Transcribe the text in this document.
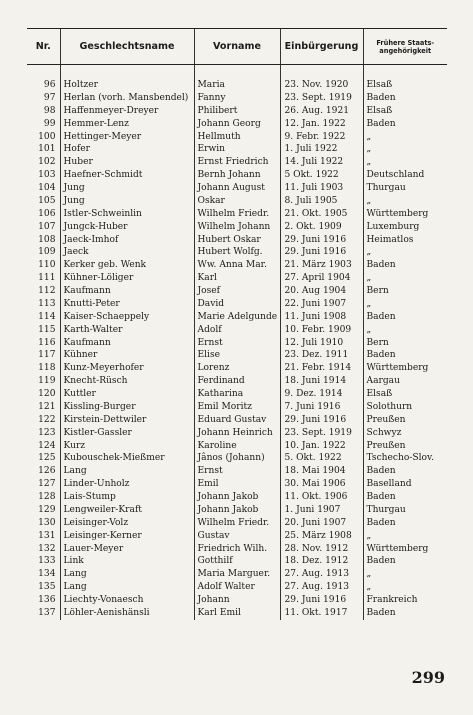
Nr.	Geschlechtsname	Vorname	Einbürgerung	Frühere Staats-
angehörigkeit

96	Holtzer	Maria	23. Nov. 1920	Elsaß
97	Herlan (vorh. Mansbendel)	Fanny	23. Sept. 1919	Baden
98	Haffenmeyer-Dreyer	Philibert	26. Aug. 1921	Elsaß
99	Hemmer-Lenz	Johann Georg	12. Jan. 1922	Baden
100	Hettinger-Meyer	Hellmuth	9. Febr. 1922	„
101	Hofer	Erwin	1. Juli 1922	„
102	Huber	Ernst Friedrich	14. Juli 1922	„
103	Haefner-Schmidt	Bernh Johann	5 Okt. 1922	Deutschland
104	Jung	Johann August	11. Juli 1903	Thurgau
105	Jung	Oskar	8. Juli 1905	„
106	Istler-Schweinlin	Wilhelm Friedr.	21. Okt. 1905	Württemberg
107	Jungck-Huber	Wilhelm Johann	2. Okt. 1909	Luxemburg
108	Jaeck-Imhof	Hubert Oskar	29. Juni 1916	Heimatlos
109	Jaeck	Hubert Wolfg.	29. Juni 1916	„
110	Kerker geb. Wenk	Ww. Anna Mar.	21. März 1903	Baden
111	Kühner-Löliger	Karl	27. April 1904	„
112	Kaufmann	Josef	20. Aug 1904	Bern
113	Knutti-Peter	David	22. Juni 1907	„
114	Kaiser-Schaeppely	Marie Adelgunde	11. Juni 1908	Baden
115	Karth-Walter	Adolf	10. Febr. 1909	„
116	Kaufmann	Ernst	12. Juli 1910	Bern
117	Kühner	Elise	23. Dez. 1911	Baden
118	Kunz-Meyerhofer	Lorenz	21. Febr. 1914	Württemberg
119	Knecht-Rüsch	Ferdinand	18. Juni 1914	Aargau
120	Kuttler	Katharina	9. Dez. 1914	Elsaß
121	Kissling-Burger	Emil Moritz	7. Juni 1916	Solothurn
122	Kirstein-Dettwiler	Eduard Gustav	29. Juni 1916	Preußen
123	Kistler-Gassler	Johann Heinrich	23. Sept. 1919	Schwyz
124	Kurz	Karoline	10. Jan. 1922	Preußen
125	Kubouschek-Mießmer	Jânos (Johann)	5. Okt. 1922	Tschecho-Slov.
126	Lang	Ernst	18. Mai 1904	Baden
127	Linder-Unholz	Emil	30. Mai 1906	Baselland
128	Lais-Stump	Johann Jakob	11. Okt. 1906	Baden
129	Lengweiler-Kraft	Johann Jakob	1. Juni 1907	Thurgau
130	Leisinger-Volz	Wilhelm Friedr.	20. Juni 1907	Baden
131	Leisinger-Kerner	Gustav	25. März 1908	„
132	Lauer-Meyer	Friedrich Wilh.	28. Nov. 1912	Württemberg
133	Link	Gotthilf	18. Dez. 1912	Baden
134	Lang	Maria Marguer.	27. Aug. 1913	„
135	Lang	Adolf Walter	27. Aug. 1913	„
136	Liechty-Vonaesch	Johann	29. Juni 1916	Frankreich
137	Löhler-Aenishänsli	Karl Emil	11. Okt. 1917	Baden
299
